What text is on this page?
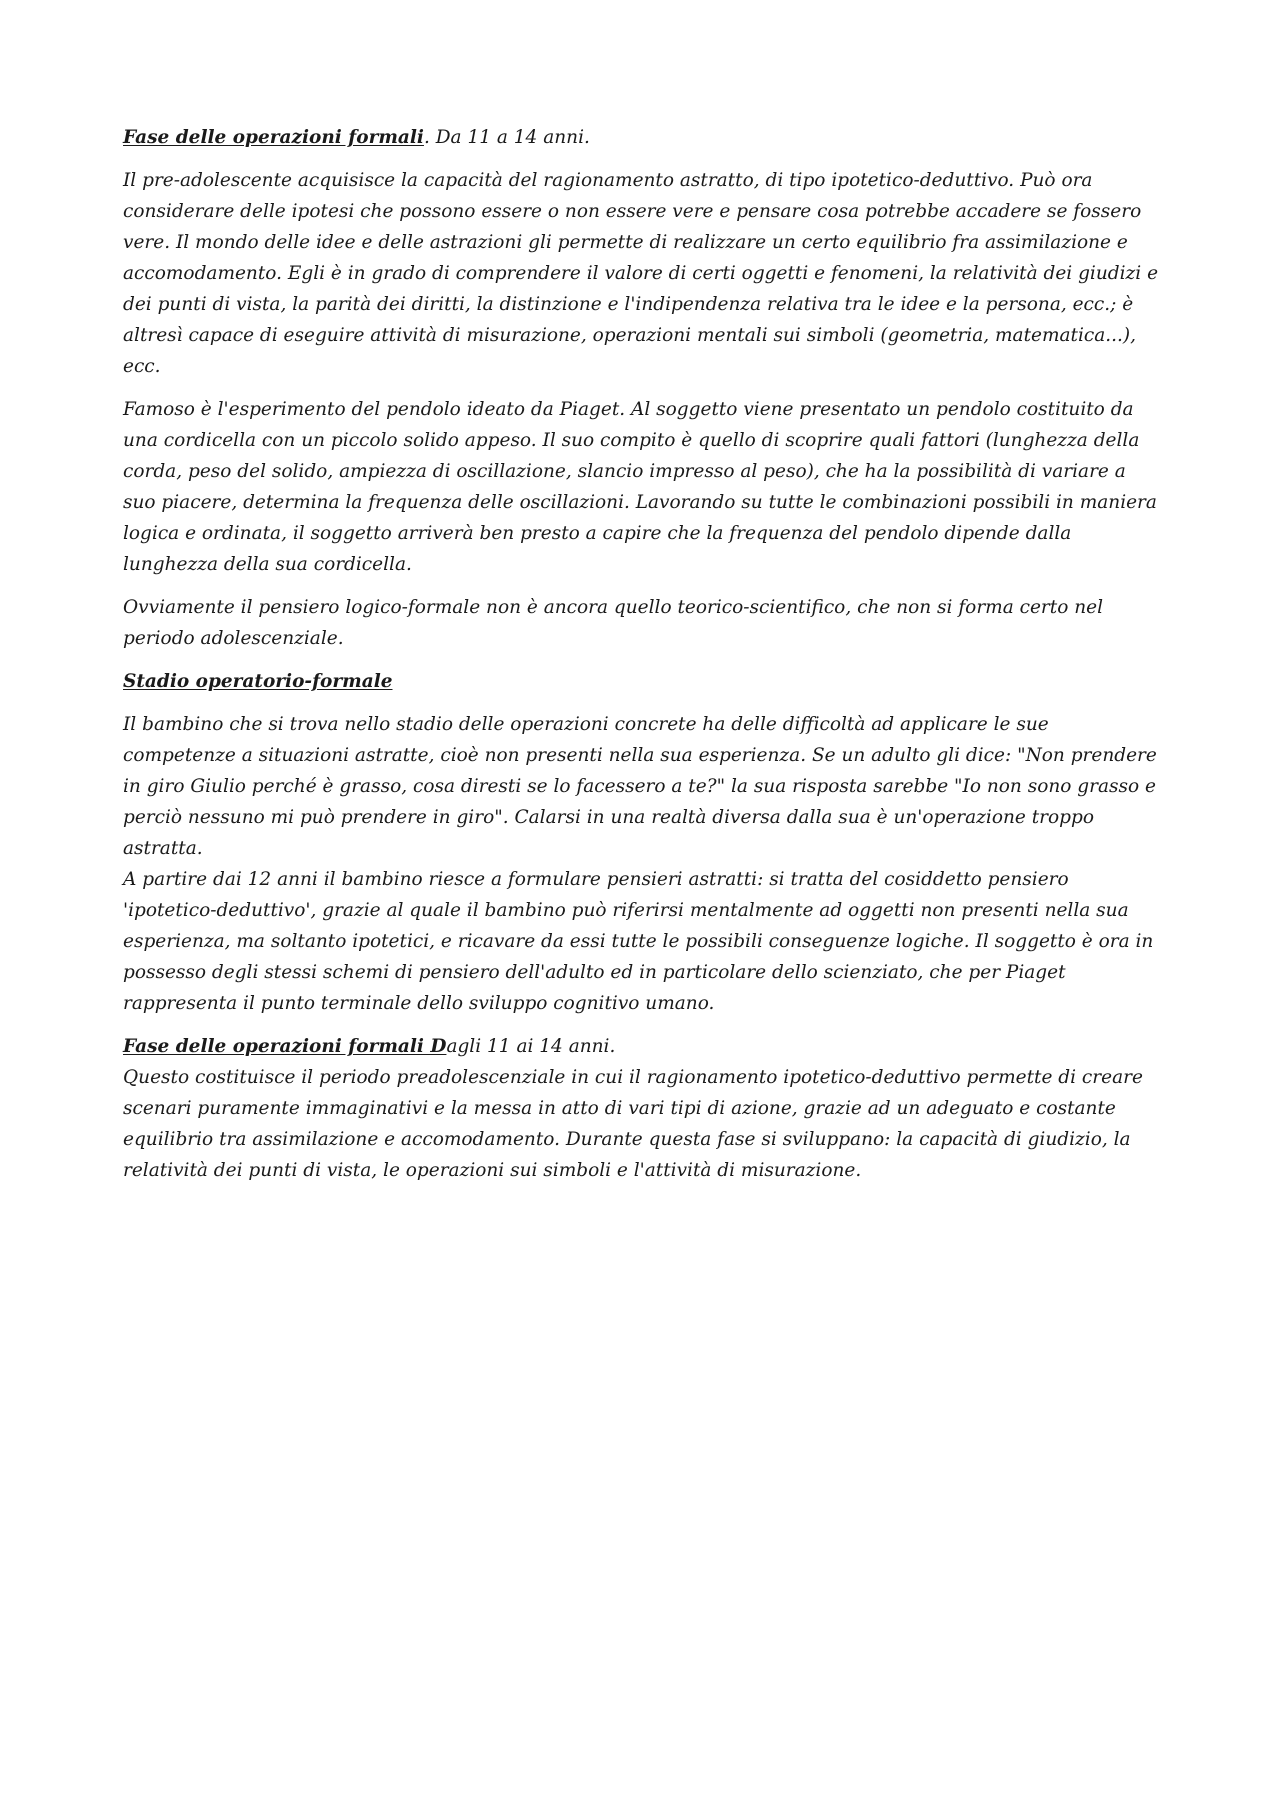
Fase delle operazioni formali. Da 11 a 14 anni.

Il pre-adolescente acquisisce la capacità del ragionamento astratto, di tipo ipotetico-deduttivo. Può ora considerare delle ipotesi che possono essere o non essere vere e pensare cosa potrebbe accadere se fossero vere. Il mondo delle idee e delle astrazioni gli permette di realizzare un certo equilibrio fra assimilazione e accomodamento. Egli è in grado di comprendere il valore di certi oggetti e fenomeni, la relatività dei giudizi e dei punti di vista, la parità dei diritti, la distinzione e l'indipendenza relativa tra le idee e la persona, ecc.; è altresì capace di eseguire attività di misurazione, operazioni mentali sui simboli (geometria, matematica...), ecc.

Famoso è l'esperimento del pendolo ideato da Piaget. Al soggetto viene presentato un pendolo costituito da una cordicella con un piccolo solido appeso. Il suo compito è quello di scoprire quali fattori (lunghezza della corda, peso del solido, ampiezza di oscillazione, slancio impresso al peso), che ha la possibilità di variare a suo piacere, determina la frequenza delle oscillazioni. Lavorando su tutte le combinazioni possibili in maniera logica e ordinata, il soggetto arriverà ben presto a capire che la frequenza del pendolo dipende dalla lunghezza della sua cordicella.

Ovviamente il pensiero logico-formale non è ancora quello teorico-scientifico, che non si forma certo nel periodo adolescenziale.

Stadio operatorio-formale

Il bambino che si trova nello stadio delle operazioni concrete ha delle difficoltà ad applicare le sue competenze a situazioni astratte, cioè non presenti nella sua esperienza. Se un adulto gli dice: "Non prendere in giro Giulio perché è grasso, cosa diresti se lo facessero a te?" la sua risposta sarebbe "Io non sono grasso e perciò nessuno mi può prendere in giro". Calarsi in una realtà diversa dalla sua è un'operazione troppo astratta.

A partire dai 12 anni il bambino riesce a formulare pensieri astratti: si tratta del cosiddetto pensiero 'ipotetico-deduttivo', grazie al quale il bambino può riferirsi mentalmente ad oggetti non presenti nella sua esperienza, ma soltanto ipotetici, e ricavare da essi tutte le possibili conseguenze logiche. Il soggetto è ora in possesso degli stessi schemi di pensiero dell'adulto ed in particolare dello scienziato, che per Piaget rappresenta il punto terminale dello sviluppo cognitivo umano.

Fase delle operazioni formali Dagli 11 ai 14 anni.

Questo costituisce il periodo preadolescenziale in cui il ragionamento ipotetico-deduttivo permette di creare scenari puramente immaginativi e la messa in atto di vari tipi di azione, grazie ad un adeguato e costante equilibrio tra assimilazione e accomodamento. Durante questa fase si sviluppano: la capacità di giudizio, la relatività dei punti di vista, le operazioni sui simboli e l'attività di misurazione.
